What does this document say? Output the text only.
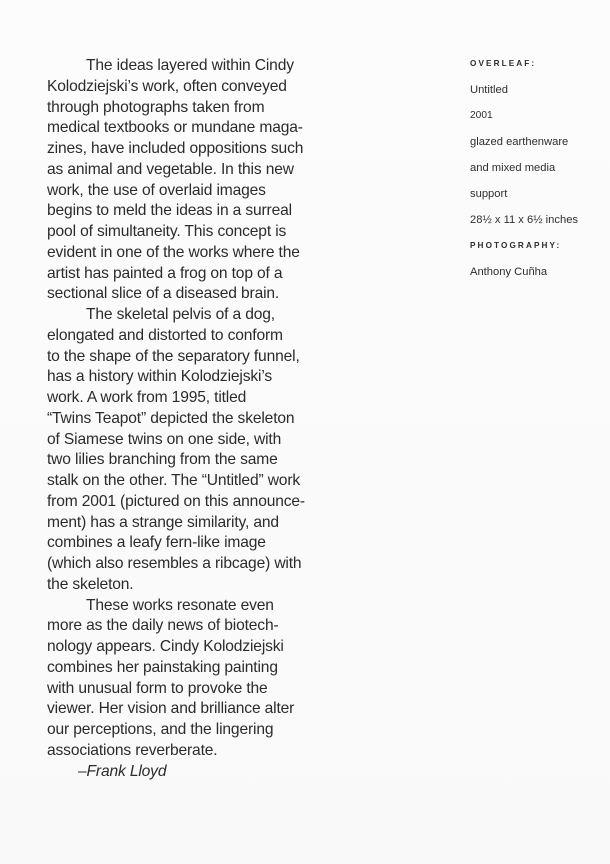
The ideas layered within Cindy
Kolodziejski’s work, often conveyed
through photographs taken from
medical textbooks or mundane maga-
zines, have included oppositions such
as animal and vegetable. In this new
work, the use of overlaid images
begins to meld the ideas in a surreal
pool of simultaneity. This concept is
evident in one of the works where the
artist has painted a frog on top of a
sectional slice of a diseased brain.
The skeletal pelvis of a dog,
elongated and distorted to conform
to the shape of the separatory funnel,
has a history within Kolodziejski’s
work. A work from 1995, titled
“Twins Teapot” depicted the skeleton
of Siamese twins on one side, with
two lilies branching from the same
stalk on the other. The “Untitled” work
from 2001 (pictured on this announce-
ment) has a strange similarity, and
combines a leafy fern-like image
(which also resembles a ribcage) with
the skeleton.
These works resonate even
more as the daily news of biotech-
nology appears. Cindy Kolodziejski
combines her painstaking painting
with unusual form to provoke the
viewer. Her vision and brilliance alter
our perceptions, and the lingering
associations reverberate.
–Frank Lloyd
OVERLEAF:
Untitled
2001
glazed earthenware
and mixed media
support
28½ x 11 x 6½ inches
PHOTOGRAPHY:
Anthony Cuñha
